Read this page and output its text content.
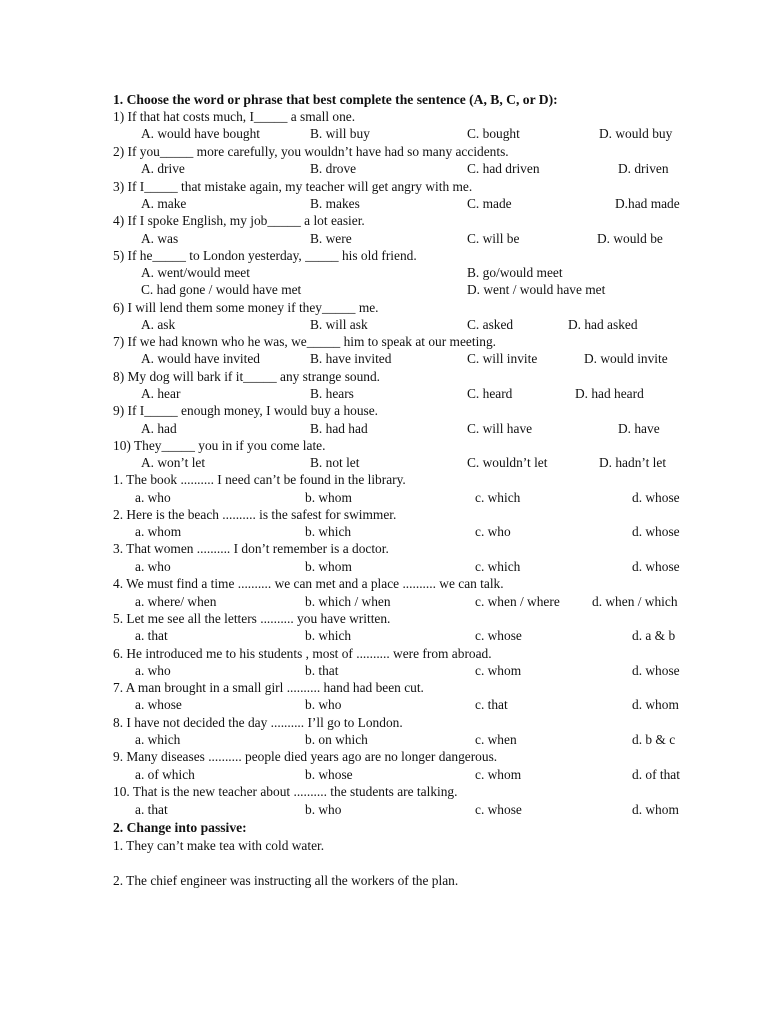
1. Choose the word or phrase that best complete the sentence (A, B, C, or D):
1) If that hat costs much, I_____ a small one.
A. would have bought	B. will buy	C. bought	D. would buy
2) If you_____ more carefully, you wouldn’t have had so many accidents.
A. drive	B. drove	C. had driven	D. driven
3) If I_____ that mistake again, my teacher will get angry with me.
A. make	B. makes	C. made	D.had made
4) If I spoke English, my job_____ a lot easier.
A. was	B. were	C. will be	D. would be
5) If he_____ to London yesterday, _____ his old friend.
A. went/would meet	B. go/would meet
C. had gone / would have met	D. went / would have met
6) I will lend them some money if they_____ me.
A. ask	B. will ask	C. asked	D. had asked
7) If we had known who he was, we_____ him to speak at our meeting.
A. would have invited	B. have invited	C. will invite	D. would invite
8) My dog will bark if it_____ any strange sound.
A. hear	B. hears	C. heard	D. had heard
9) If I_____ enough money, I would buy a house.
A. had	B. had had	C. will have	D. have
10) They_____ you in if you come late.
A. won’t let	B. not let	C. wouldn’t let	D. hadn’t let
1. The book .......... I need can’t be found in the library.
a. who	b. whom	c. which	d. whose
2. Here is the beach .......... is the safest for swimmer.
a. whom	b. which	c. who	d. whose
3. That women .......... I don’t remember is a doctor.
a. who	b. whom	c. which	d. whose
4. We must find a time .......... we can met and a place .......... we can talk.
a. where/ when	b. which / when	c. when / where d. when / which
5. Let me see all the letters .......... you have written.
a. that	b. which	c. whose	d. a & b
6. He introduced me to his students , most of .......... were from abroad.
a. who	b. that	c. whom	d. whose
7. A man brought in a small girl .......... hand had been cut.
a. whose	b. who	c. that	d. whom
8. I have not decided the day .......... I’ll go to London.
a. which	b. on which	c. when	d. b & c
9. Many diseases .......... people died years ago are no longer dangerous.
a. of which	b. whose	c. whom	d. of that
10. That is the new teacher about .......... the students are talking.
a. that	b. who	c. whose	d. whom
2. Change into passive:
1. They can’t make tea with cold water.
2. The chief engineer was instructing all the workers of the plan.
